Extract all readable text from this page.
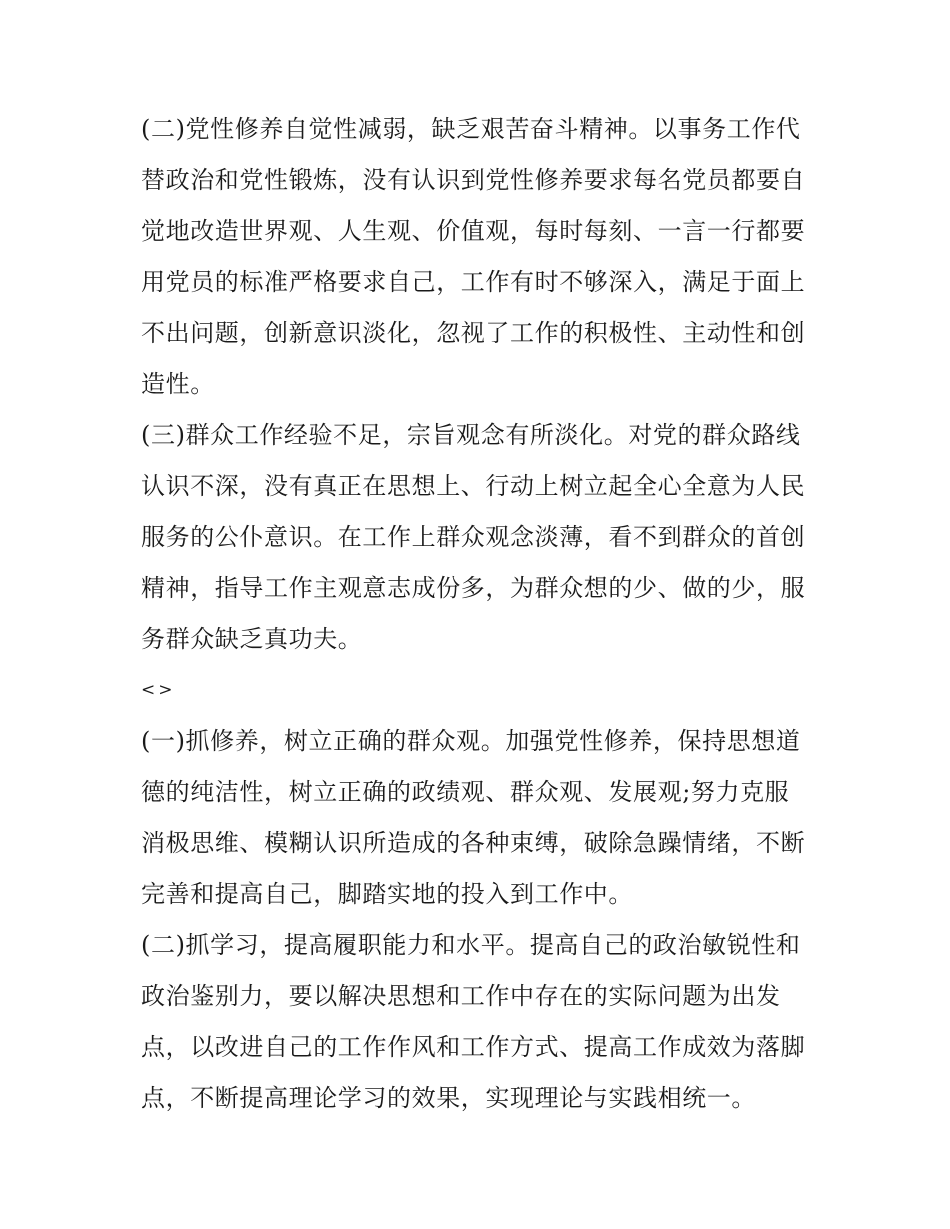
(二)党性修养自觉性减弱，缺乏艰苦奋斗精神。以事务工作代
替政治和党性锻炼，没有认识到党性修养要求每名党员都要自
觉地改造世界观、人生观、价值观，每时每刻、一言一行都要
用党员的标准严格要求自己，工作有时不够深入，满足于面上
不出问题，创新意识淡化，忽视了工作的积极性、主动性和创
造性。
(三)群众工作经验不足，宗旨观念有所淡化。对党的群众路线
认识不深，没有真正在思想上、行动上树立起全心全意为人民
服务的公仆意识。在工作上群众观念淡薄，看不到群众的首创
精神，指导工作主观意志成份多，为群众想的少、做的少，服
务群众缺乏真功夫。
<>
(一)抓修养，树立正确的群众观。加强党性修养，保持思想道
德的纯洁性，树立正确的政绩观、群众观、发展观;努力克服
消极思维、模糊认识所造成的各种束缚，破除急躁情绪，不断
完善和提高自己，脚踏实地的投入到工作中。
(二)抓学习，提高履职能力和水平。提高自己的政治敏锐性和
政治鉴别力，要以解决思想和工作中存在的实际问题为出发
点，以改进自己的工作作风和工作方式、提高工作成效为落脚
点，不断提高理论学习的效果，实现理论与实践相统一。
